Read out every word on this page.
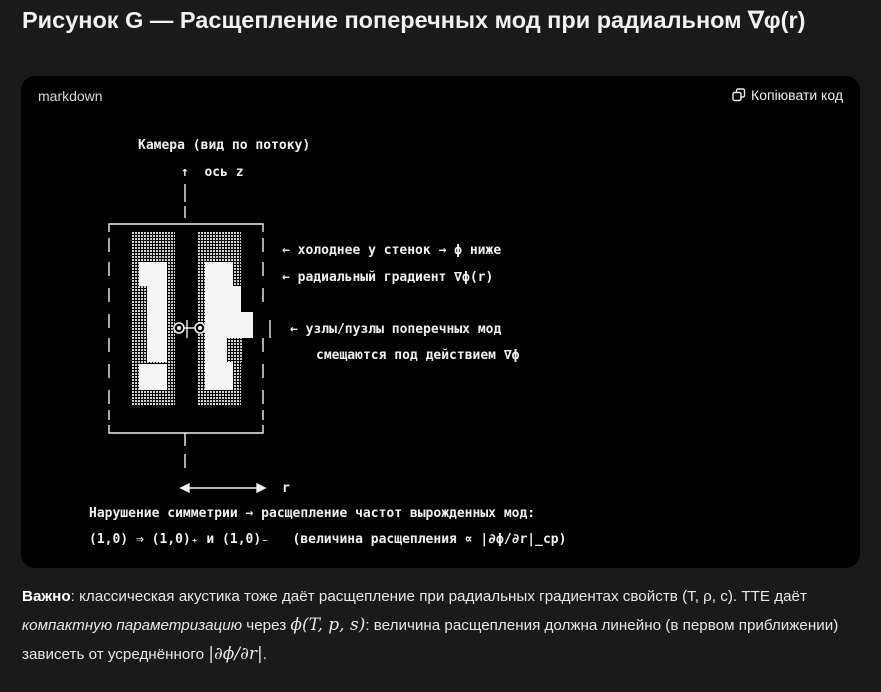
Рисунок G — Расщепление поперечных мод при радиальном ∇φ(r)
markdown	Копіювати код
Камера (вид по потоку)
↑  ось z
← холоднее у стенок → ϕ ниже
← радиальный градиент ∇ϕ(r)
← узлы/пузлы поперечных мод
смещаются под действием ∇ϕ
r
Нарушение симметрии → расщепление частот вырожденных мод:
(1,0) ⇒ (1,0)₊ и (1,0)₋   (величина расщепления ∝ |∂ϕ/∂r|_cp)
Важно: классическая акустика тоже даёт расщепление при радиальных градиентах свойств (T, ρ, c). TTE даёт компактную параметризацию через ϕ(T, p, s): величина расщепления должна линейно (в первом приближении) зависеть от усреднённого |∂ϕ/∂r|.
